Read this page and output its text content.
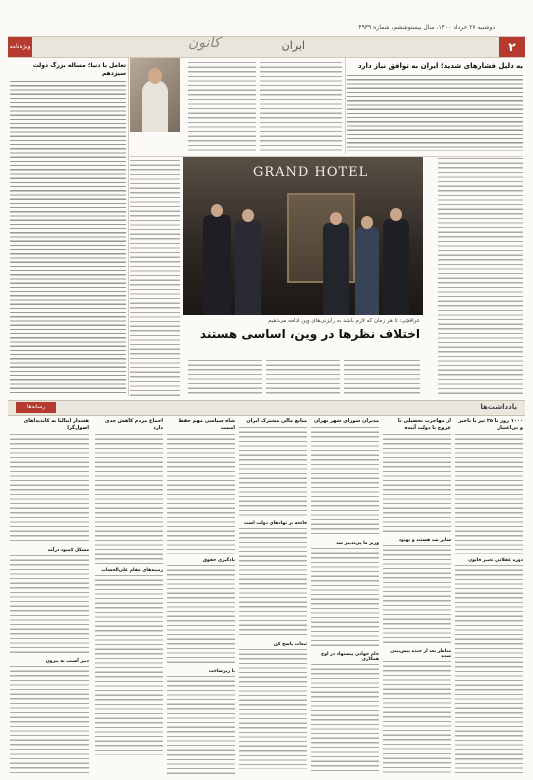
۲
دوشنبه ۲۷ خرداد ۱۴۰۰، سال بیستوششم، شماره ۴۹۳۹
ایران
کانون
ویژه‌نامه
به دلیل فشارهای شدید؛ ایران به توافق نیاز دارد
GRAND HOTEL
تعامل با دنیا؛ مساله بزرگ دولت سیزدهم
عراقچی: تا هر زمان که لازم باشد به رایزنی‌های وین ادامه می‌دهیم
اختلاف نظرها در وین، اساسی هستند
یادداشت‌ها
رسانه‌ها
۱۰۰۰ روز تا ۲۵ تیر با تاخیر و بی‌اعتبار
دوره عقلانی تغییر قانون
از مهاجرت تحصیلی تا عروج با دولت آینده
سایر شد هستند و بهبود
مناظر بعد از خنده پیش‌بینی شده
مدیران شورای شهر تهران
وزیر ما پی‌تدبیر شد
جام جهانی پیشنهاد در اوج همکاری
منابع مالی مشترک ایران
فاتحه بر نهادهای دولت است
تبعات پاسخ کن
شاه سیاسی مهم حفظ امنیت
یادگیری حقوق
با زیرساخت
اجماع مردم کاهش جدی دارد
زمینه‌های مقام علی‌الحساب
هشدار ایتالیا به کاندیداهای اصول‌گرا
مشکل کمبود درآمد
دبیر آسیب به بیرون
